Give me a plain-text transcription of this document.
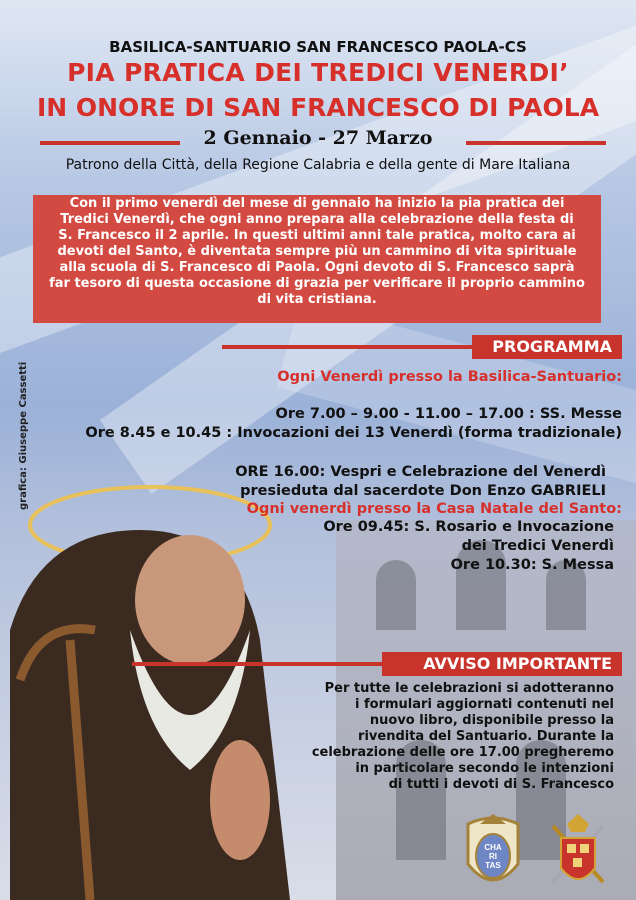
BASILICA-SANTUARIO SAN FRANCESCO PAOLA-CS
PIA PRATICA DEI TREDICI VENERDI’
IN ONORE DI SAN FRANCESCO DI PAOLA
2 Gennaio - 27 Marzo
Patrono della Città, della Regione Calabria e della gente di Mare Italiana
Con il primo venerdì del mese di gennaio ha inizio la pia pratica dei
Tredici Venerdì, che ogni anno prepara alla celebrazione della festa di
S. Francesco il 2 aprile. In questi ultimi anni tale pratica, molto cara ai
devoti del Santo, è diventata sempre più un cammino di vita spirituale
alla scuola di S. Francesco di Paola. Ogni devoto di S. Francesco saprà
far tesoro di questa occasione di grazia per verificare il proprio cammino
di vita cristiana.
PROGRAMMA
Ogni Venerdì presso la Basilica-Santuario:
Ore 7.00 – 9.00 - 11.00 – 17.00 : SS. Messe
Ore 8.45 e 10.45 : Invocazioni dei 13 Venerdì (forma tradizionale)
ORE 16.00: Vespri e Celebrazione del Venerdì
presieduta dal sacerdote Don Enzo GABRIELI
Ogni venerdì presso la Casa Natale del Santo:
Ore 09.45: S. Rosario e Invocazione
dei Tredici Venerdì
Ore 10.30: S. Messa
AVVISO IMPORTANTE
Per tutte le celebrazioni si adotteranno
i formulari aggiornati contenuti nel
nuovo libro, disponibile presso la
rivendita del Santuario. Durante la
celebrazione delle ore 17.00 pregheremo
in particolare secondo le intenzioni
di tutti i devoti di S. Francesco
grafica: Giuseppe Cassetti
CHA
RI
TAS
